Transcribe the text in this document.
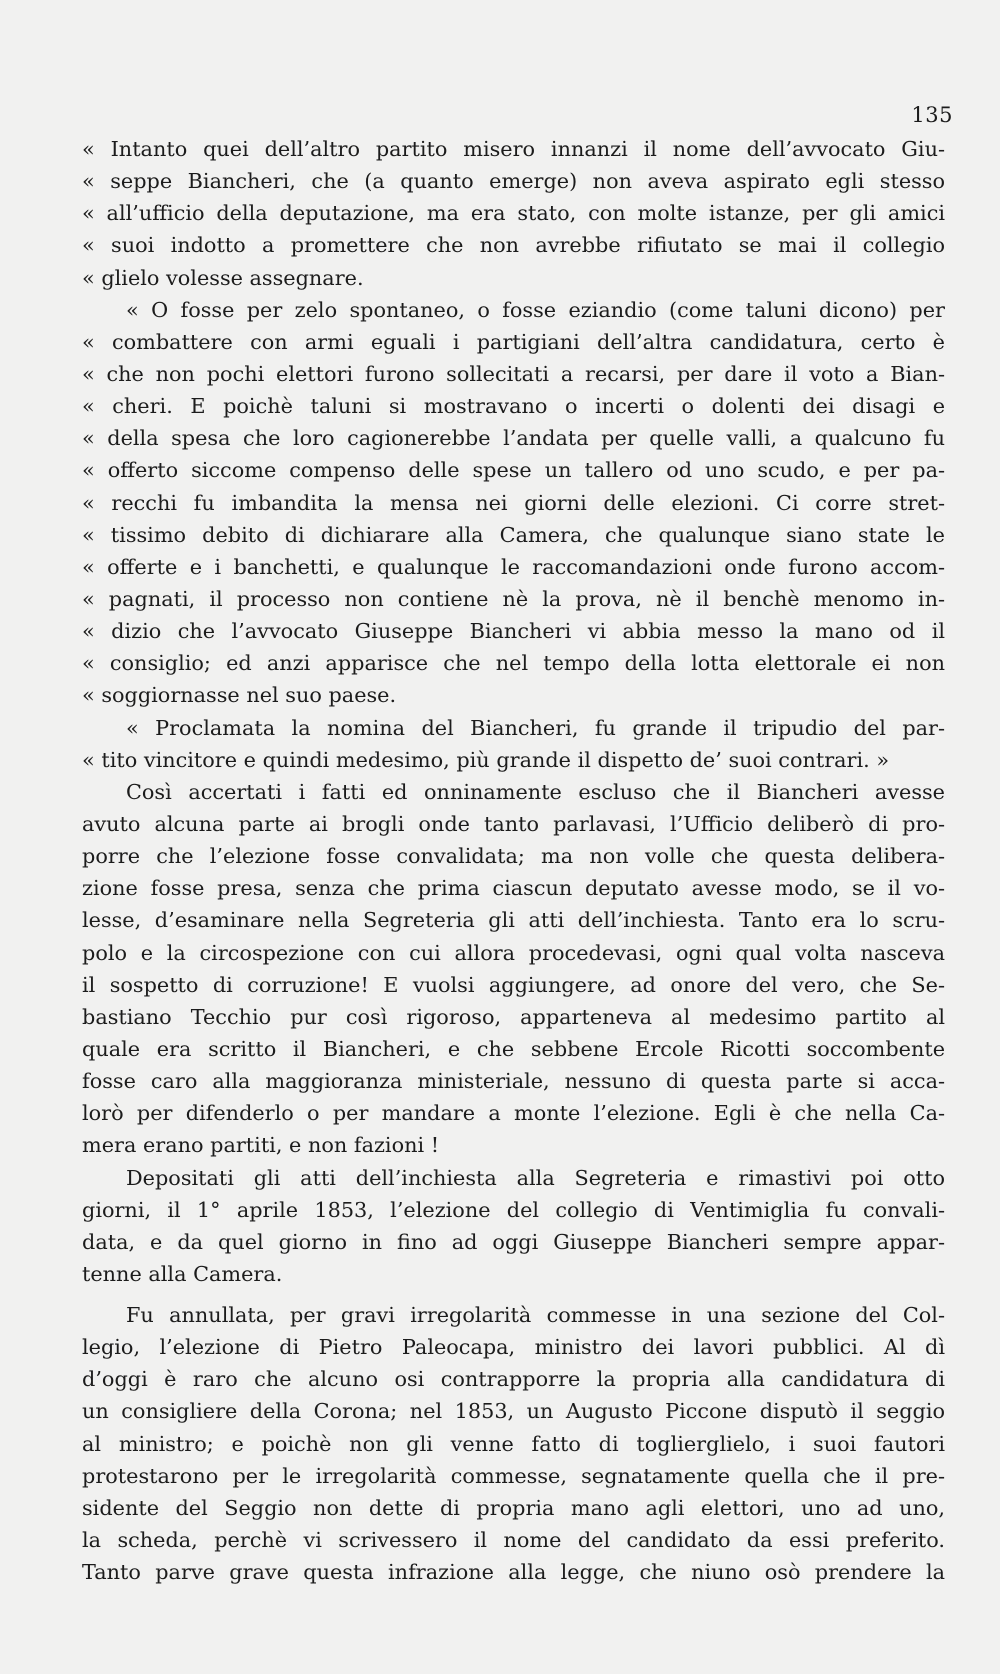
135
« Intanto quei dell’altro partito misero innanzi il nome dell’avvocato Giu-
« seppe Biancheri, che (a quanto emerge) non aveva aspirato egli stesso
« all’ufficio della deputazione, ma era stato, con molte istanze, per gli amici
« suoi indotto a promettere che non avrebbe rifiutato se mai il collegio
« glielo volesse assegnare.
« O fosse per zelo spontaneo, o fosse eziandio (come taluni dicono) per
« combattere con armi eguali i partigiani dell’altra candidatura, certo è
« che non pochi elettori furono sollecitati a recarsi, per dare il voto a Bian-
« cheri. E poichè taluni si mostravano o incerti o dolenti dei disagi e
« della spesa che loro cagionerebbe l’andata per quelle valli, a qualcuno fu
« offerto siccome compenso delle spese un tallero od uno scudo, e per pa-
« recchi fu imbandita la mensa nei giorni delle elezioni. Ci corre stret-
« tissimo debito di dichiarare alla Camera, che qualunque siano state le
« offerte e i banchetti, e qualunque le raccomandazioni onde furono accom-
« pagnati, il processo non contiene nè la prova, nè il benchè menomo in-
« dizio che l’avvocato Giuseppe Biancheri vi abbia messo la mano od il
« consiglio; ed anzi apparisce che nel tempo della lotta elettorale ei non
« soggiornasse nel suo paese.
« Proclamata la nomina del Biancheri, fu grande il tripudio del par-
« tito vincitore e quindi medesimo, più grande il dispetto de’ suoi contrari. »
Così accertati i fatti ed onninamente escluso che il Biancheri avesse
avuto alcuna parte ai brogli onde tanto parlavasi, l’Ufficio deliberò di pro-
porre che l’elezione fosse convalidata; ma non volle che questa delibera-
zione fosse presa, senza che prima ciascun deputato avesse modo, se il vo-
lesse, d’esaminare nella Segreteria gli atti dell’inchiesta. Tanto era lo scru-
polo e la circospezione con cui allora procedevasi, ogni qual volta nasceva
il sospetto di corruzione! E vuolsi aggiungere, ad onore del vero, che Se-
bastiano Tecchio pur così rigoroso, apparteneva al medesimo partito al
quale era scritto il Biancheri, e che sebbene Ercole Ricotti soccombente
fosse caro alla maggioranza ministeriale, nessuno di questa parte si acca-
lorò per difenderlo o per mandare a monte l’elezione. Egli è che nella Ca-
mera erano partiti, e non fazioni !
Depositati gli atti dell’inchiesta alla Segreteria e rimastivi poi otto
giorni, il 1° aprile 1853, l’elezione del collegio di Ventimiglia fu convali-
data, e da quel giorno in fino ad oggi Giuseppe Biancheri sempre appar-
tenne alla Camera.
Fu annullata, per gravi irregolarità commesse in una sezione del Col-
legio, l’elezione di Pietro Paleocapa, ministro dei lavori pubblici. Al dì
d’oggi è raro che alcuno osi contrapporre la propria alla candidatura di
un consigliere della Corona; nel 1853, un Augusto Piccone disputò il seggio
al ministro; e poichè non gli venne fatto di toglierglielo, i suoi fautori
protestarono per le irregolarità commesse, segnatamente quella che il pre-
sidente del Seggio non dette di propria mano agli elettori, uno ad uno,
la scheda, perchè vi scrivessero il nome del candidato da essi preferito.
Tanto parve grave questa infrazione alla legge, che niuno osò prendere la
